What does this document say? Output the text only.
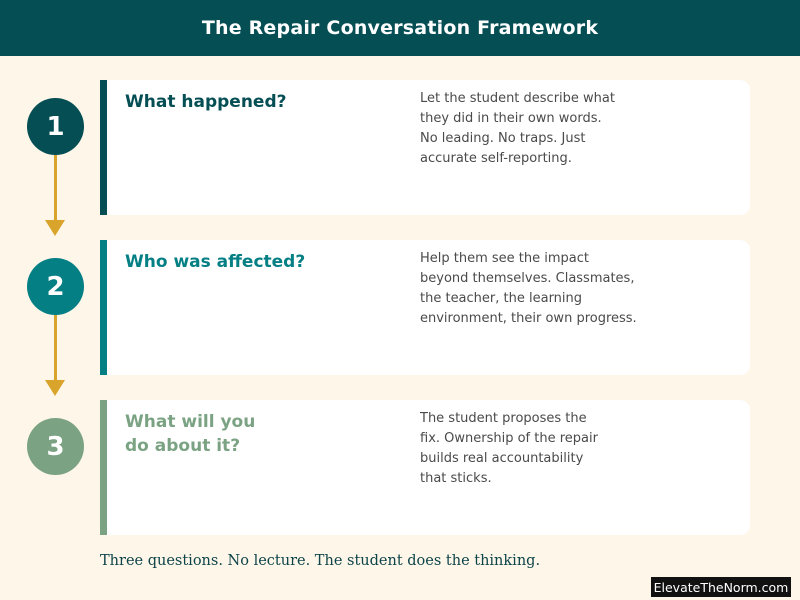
The Repair Conversation Framework
1
What happened?	Let the student describe what
they did in their own words.
No leading. No traps. Just
accurate self-reporting.

2
Who was affected?	Help them see the impact
beyond themselves. Classmates,
the teacher, the learning
environment, their own progress.

3
What will you
do about it?

The student proposes the
fix. Ownership of the repair
builds real accountability
that sticks.

Three questions. No lecture. The student does the thinking.
ElevateTheNorm.com
